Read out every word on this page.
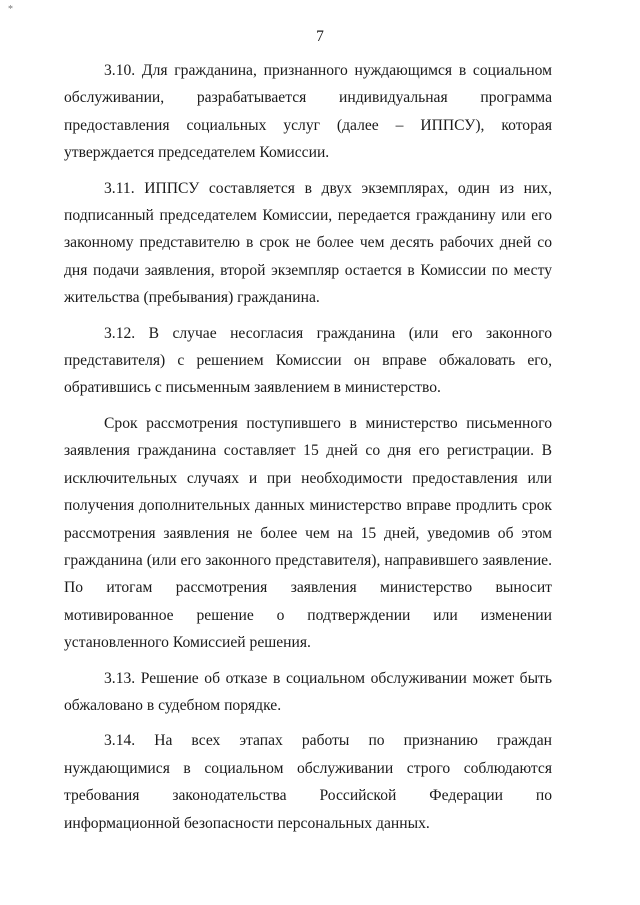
*
7

3.10. Для гражданина, признанного нуждающимся в социальном обслуживании, разрабатывается индивидуальная программа предоставления социальных услуг (далее – ИППСУ), которая утверждается председателем Комиссии.

3.11. ИППСУ составляется в двух экземплярах, один из них, подписанный председателем Комиссии, передается гражданину или его законному представителю в срок не более чем десять рабочих дней со дня подачи заявления, второй экземпляр остается в Комиссии по месту жительства (пребывания) гражданина.

3.12. В случае несогласия гражданина (или его законного представителя) с решением Комиссии он вправе обжаловать его, обратившись с письменным заявлением в министерство.

Срок рассмотрения поступившего в министерство письменного заявления гражданина составляет 15 дней со дня его регистрации. В исключительных случаях и при необходимости предоставления или получения дополнительных данных министерство вправе продлить срок рассмотрения заявления не более чем на 15 дней, уведомив об этом гражданина (или его законного представителя), направившего заявление. По итогам рассмотрения заявления министерство выносит мотивированное решение о подтверждении или изменении установленного Комиссией решения.

3.13. Решение об отказе в социальном обслуживании может быть обжаловано в судебном порядке.

3.14. На всех этапах работы по признанию граждан нуждающимися в социальном обслуживании строго соблюдаются требования законодательства Российской Федерации по информационной безопасности персональных данных.
